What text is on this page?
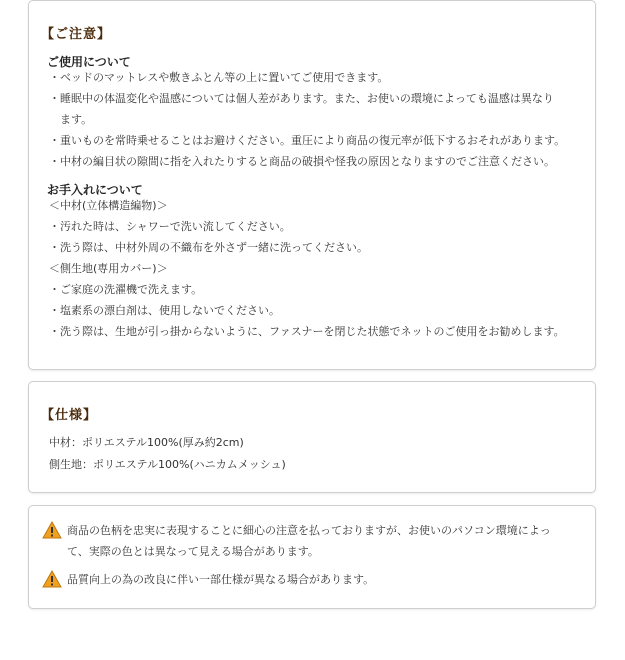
【ご注意】
ご使用について
・ベッドのマットレスや敷きふとん等の上に置いてご使用できます。
・睡眠中の体温変化や温感については個人差があります。また、お使いの環境によっても温感は異なり
　ます。
・重いものを常時乗せることはお避けください。重圧により商品の復元率が低下するおそれがあります。
・中材の編目状の隙間に指を入れたりすると商品の破損や怪我の原因となりますのでご注意ください。
お手入れについて
＜中材(立体構造編物)＞
・汚れた時は、シャワーで洗い流してください。
・洗う際は、中材外周の不織布を外さず一緒に洗ってください。
＜側生地(専用カバー)＞
・ご家庭の洗濯機で洗えます。
・塩素系の漂白剤は、使用しないでください。
・洗う際は、生地が引っ掛からないように、ファスナーを閉じた状態でネットのご使用をお勧めします。
【仕様】
中材：ポリエステル100%(厚み約2cm)
側生地：ポリエステル100%(ハニカムメッシュ)
商品の色柄を忠実に表現することに細心の注意を払っておりますが、お使いのパソコン環境によっ
て、実際の色とは異なって見える場合があります。
品質向上の為の改良に伴い一部仕様が異なる場合があります。
